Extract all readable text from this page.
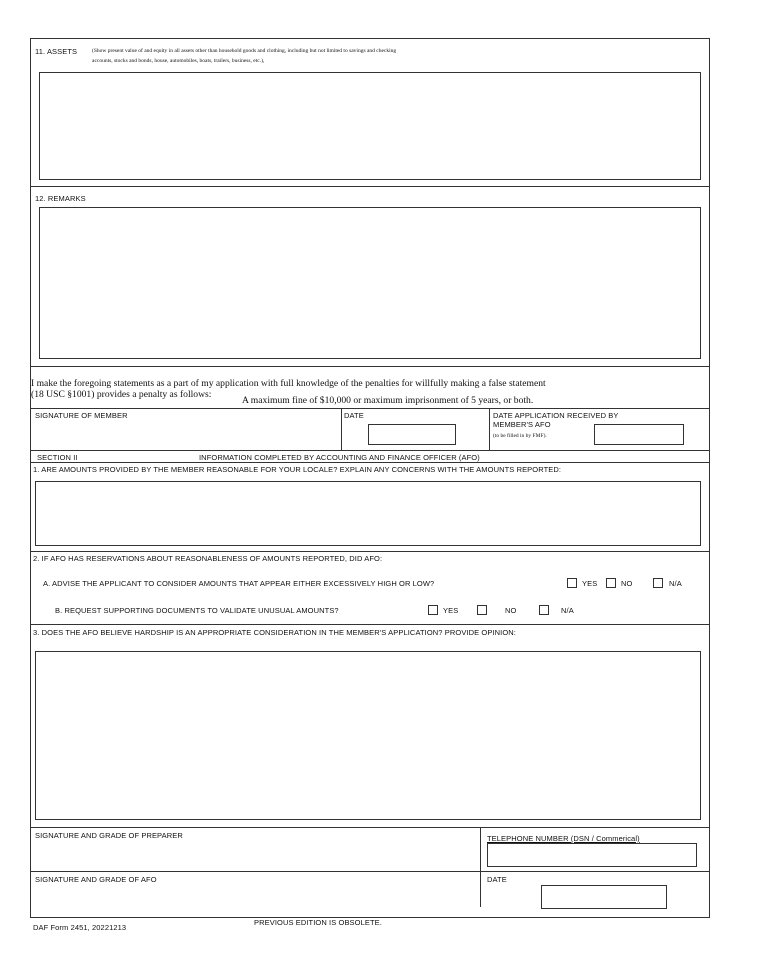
11. ASSETS	(Show present value of and equity in all assets other than household goods and clothing, including but not limited to savings and checking
accounts, stocks and bonds, house, automobiles, boats, trailers, business, etc.),
12. REMARKS
I make the foregoing statements as a part of my application with full knowledge of the penalties for willfully making a false statement
(18 USC §1001) provides a penalty as follows:
A maximum fine of $10,000 or maximum imprisonment of 5 years, or both.
SIGNATURE OF MEMBER	DATE	DATE APPLICATION RECEIVED BY
MEMBER'S AFO
(to be filled in by FMF).
SECTION II	INFORMATION COMPLETED BY ACCOUNTING AND FINANCE OFFICER (AFO)
1. ARE AMOUNTS PROVIDED BY THE MEMBER REASONABLE FOR YOUR LOCALE? EXPLAIN ANY CONCERNS WITH THE AMOUNTS REPORTED:
2. IF AFO HAS RESERVATIONS ABOUT REASONABLENESS OF AMOUNTS REPORTED, DID AFO:
A. ADVISE THE APPLICANT TO CONSIDER AMOUNTS THAT APPEAR EITHER EXCESSIVELY HIGH OR LOW?	YES	NO	N/A
B. REQUEST SUPPORTING DOCUMENTS TO VALIDATE UNUSUAL AMOUNTS?	YES	NO	N/A
3. DOES THE AFO BELIEVE HARDSHIP IS AN APPROPRIATE CONSIDERATION IN THE MEMBER'S APPLICATION? PROVIDE OPINION:
SIGNATURE AND GRADE OF PREPARER	TELEPHONE NUMBER (DSN / Commerical)
SIGNATURE AND GRADE OF AFO	DATE
DAF Form 2451, 20221213
PREVIOUS EDITION IS OBSOLETE.
